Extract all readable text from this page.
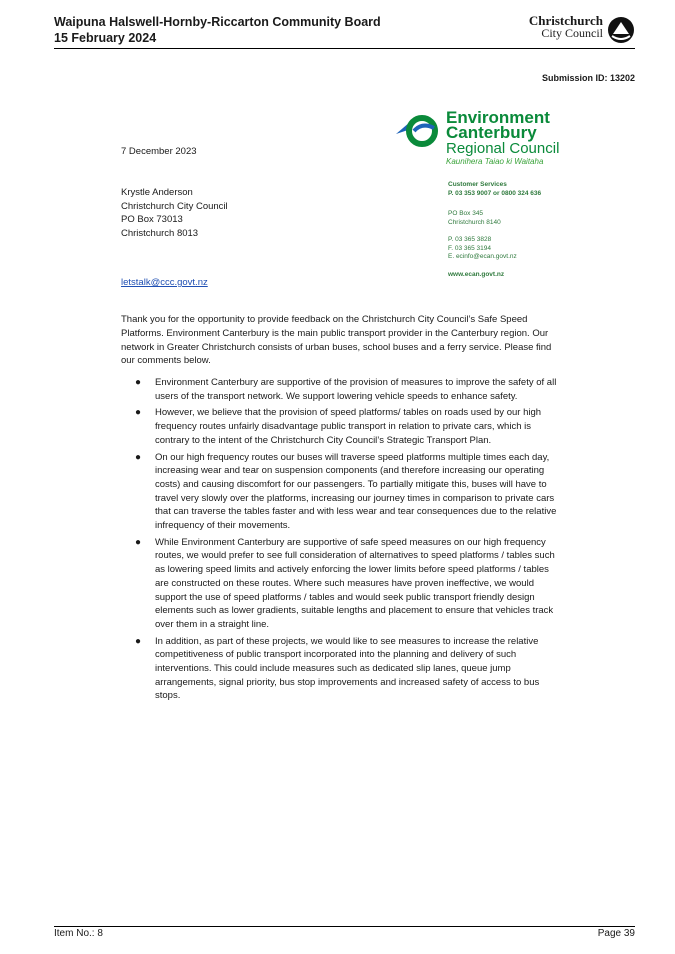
Waipuna Halswell-Hornby-Riccarton Community Board
15 February 2024
Christchurch
City Council
Submission ID: 13202
Environment
Canterbury
Regional Council
Kaunihera Taiao ki Waitaha
Customer Services
P. 03 353 9007 or 0800 324 636
PO Box 345
Christchurch 8140
P. 03 365 3828
F. 03 365 3194
E. ecinfo@ecan.govt.nz
www.ecan.govt.nz
7 December 2023
Krystle Anderson
Christchurch City Council
PO Box 73013
Christchurch 8013
letstalk@ccc.govt.nz
Thank you for the opportunity to provide feedback on the Christchurch City Council’s Safe Speed Platforms. Environment Canterbury is the main public transport provider in the Canterbury region. Our network in Greater Christchurch consists of urban buses, school buses and a ferry service. Please find our comments below.
● Environment Canterbury are supportive of the provision of measures to improve the safety of all users of the transport network. We support lowering vehicle speeds to enhance safety.
● However, we believe that the provision of speed platforms/ tables on roads used by our high frequency routes unfairly disadvantage public transport in relation to private cars, which is contrary to the intent of the Christchurch City Council’s Strategic Transport Plan.
● On our high frequency routes our buses will traverse speed platforms multiple times each day, increasing wear and tear on suspension components (and therefore increasing our operating costs) and causing discomfort for our passengers. To partially mitigate this, buses will have to travel very slowly over the platforms, increasing our journey times in comparison to private cars that can traverse the tables faster and with less wear and tear consequences due to the relative infrequency of their movements.
● While Environment Canterbury are supportive of safe speed measures on our high frequency routes, we would prefer to see full consideration of alternatives to speed platforms / tables such as lowering speed limits and actively enforcing the lower limits before speed platforms / tables are constructed on these routes. Where such measures have proven ineffective, we would support the use of speed platforms / tables and would seek public transport friendly design elements such as lower gradients, suitable lengths and placement to ensure that vehicles track over them in a straight line.
● In addition, as part of these projects, we would like to see measures to increase the relative competitiveness of public transport incorporated into the planning and delivery of such interventions. This could include measures such as dedicated slip lanes, queue jump arrangements, signal priority, bus stop improvements and increased safety of access to bus stops.
Item No.: 8	Page 39
